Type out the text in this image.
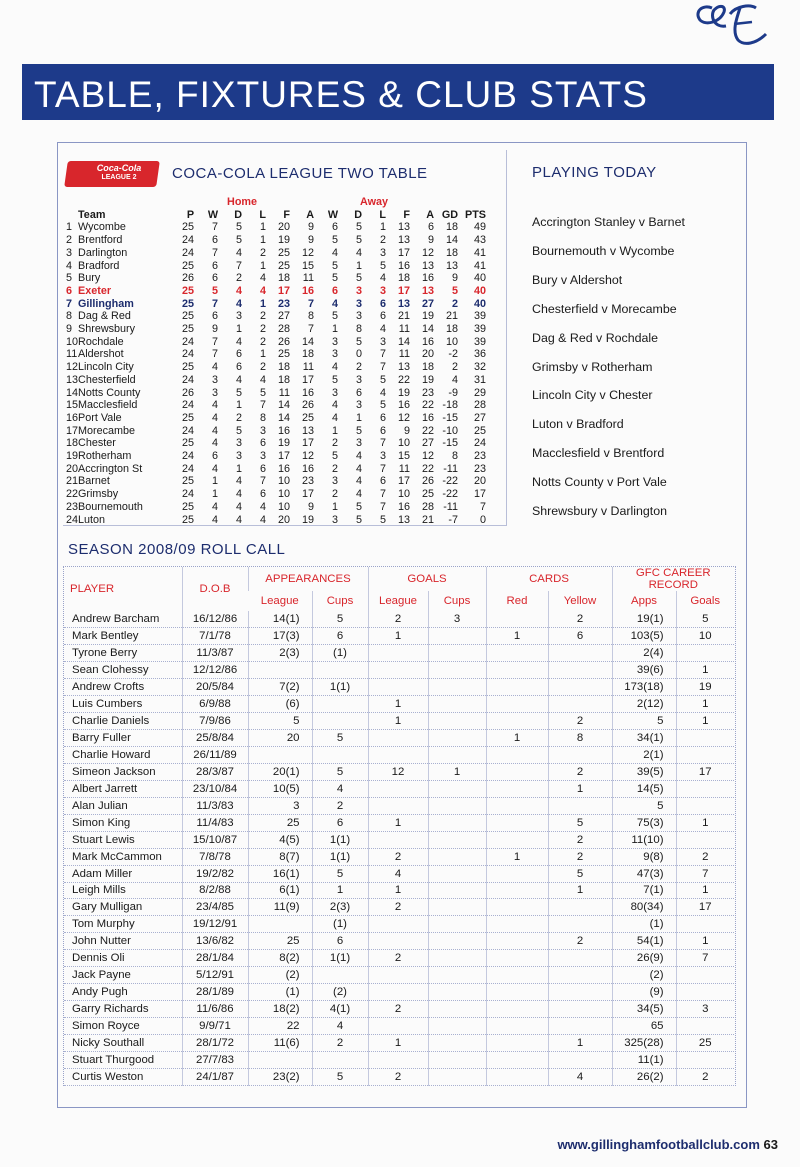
TABLE, FIXTURES & CLUB STATS
Coca-Cola
LEAGUE 2	COCA-COLA LEAGUE TWO TABLE	PLAYING TODAY
			Home					Away						
	Team	P	W	D	L	F	A	W	D	L	F	A	GD	PTS
1	Wycombe	25	7	5	1	20	9	6	5	1	13	6	18	49
2	Brentford	24	6	5	1	19	9	5	5	2	13	9	14	43
3	Darlington	24	7	4	2	25	12	4	4	3	17	12	18	41
4	Bradford	25	6	7	1	25	15	5	1	5	16	13	13	41
5	Bury	26	6	2	4	18	11	5	5	4	18	16	9	40
6	Exeter	25	5	4	4	17	16	6	3	3	17	13	5	40
7	Gillingham	25	7	4	1	23	7	4	3	6	13	27	2	40
8	Dag & Red	25	6	3	2	27	8	5	3	6	21	19	21	39
9	Shrewsbury	25	9	1	2	28	7	1	8	4	11	14	18	39
10	Rochdale	24	7	4	2	26	14	3	5	3	14	16	10	39
11	Aldershot	24	7	6	1	25	18	3	0	7	11	20	-2	36
12	Lincoln City	25	4	6	2	18	11	4	2	7	13	18	2	32
13	Chesterfield	24	3	4	4	18	17	5	3	5	22	19	4	31
14	Notts County	26	3	5	5	11	16	3	6	4	19	23	-9	29
15	Macclesfield	24	4	1	7	14	26	4	3	5	16	22	-18	28
16	Port Vale	25	4	2	8	14	25	4	1	6	12	16	-15	27
17	Morecambe	24	4	5	3	16	13	1	5	6	9	22	-10	25
18	Chester	25	4	3	6	19	17	2	3	7	10	27	-15	24
19	Rotherham	24	6	3	3	17	12	5	4	3	15	12	8	23
20	Accrington St	24	4	1	6	16	16	2	4	7	11	22	-11	23
21	Barnet	25	1	4	7	10	23	3	4	6	17	26	-22	20
22	Grimsby	24	1	4	6	10	17	2	4	7	10	25	-22	17
23	Bournemouth	25	4	4	4	10	9	1	5	7	16	28	-11	7
24	Luton	25	4	4	4	20	19	3	5	5	13	21	-7	0
Accrington Stanley v Barnet
Bournemouth v Wycombe
Bury v Aldershot
Chesterfield v Morecambe
Dag & Red v Rochdale
Grimsby v Rotherham
Lincoln City v Chester
Luton v Bradford
Macclesfield v Brentford
Notts County v Port Vale
Shrewsbury v Darlington
SEASON 2008/09 ROLL CALL
PLAYER	D.O.B	APPEARANCES		GOALS		CARDS		GFC CAREER RECORD	
		League	Cups	League	Cups	Red	Yellow	Apps	Goals
Andrew Barcham	16/12/86	14(1)	5	2	3		2	19(1)	5
Mark Bentley	7/1/78	17(3)	6	1		1	6	103(5)	10
Tyrone Berry	11/3/87	2(3)	(1)					2(4)	
Sean Clohessy	12/12/86							39(6)	1
Andrew Crofts	20/5/84	7(2)	1(1)					173(18)	19
Luis Cumbers	6/9/88	(6)		1				2(12)	1
Charlie Daniels	7/9/86	5		1			2	5	1
Barry Fuller	25/8/84	20	5			1	8	34(1)	
Charlie Howard	26/11/89							2(1)	
Simeon Jackson	28/3/87	20(1)	5	12	1		2	39(5)	17
Albert Jarrett	23/10/84	10(5)	4				1	14(5)	
Alan Julian	11/3/83	3	2					5	
Simon King	11/4/83	25	6	1			5	75(3)	1
Stuart Lewis	15/10/87	4(5)	1(1)				2	11(10)	
Mark McCammon	7/8/78	8(7)	1(1)	2		1	2	9(8)	2
Adam Miller	19/2/82	16(1)	5	4			5	47(3)	7
Leigh Mills	8/2/88	6(1)	1	1			1	7(1)	1
Gary Mulligan	23/4/85	11(9)	2(3)	2				80(34)	17
Tom Murphy	19/12/91		(1)					(1)	
John Nutter	13/6/82	25	6				2	54(1)	1
Dennis Oli	28/1/84	8(2)	1(1)	2				26(9)	7
Jack Payne	5/12/91	(2)						(2)	
Andy Pugh	28/1/89	(1)	(2)					(9)	
Garry Richards	11/6/86	18(2)	4(1)	2				34(5)	3
Simon Royce	9/9/71	22	4					65	
Nicky Southall	28/1/72	11(6)	2	1			1	325(28)	25
Stuart Thurgood	27/7/83							11(1)	
Curtis Weston	24/1/87	23(2)	5	2			4	26(2)	2
www.gillinghamfootballclub.com 63
